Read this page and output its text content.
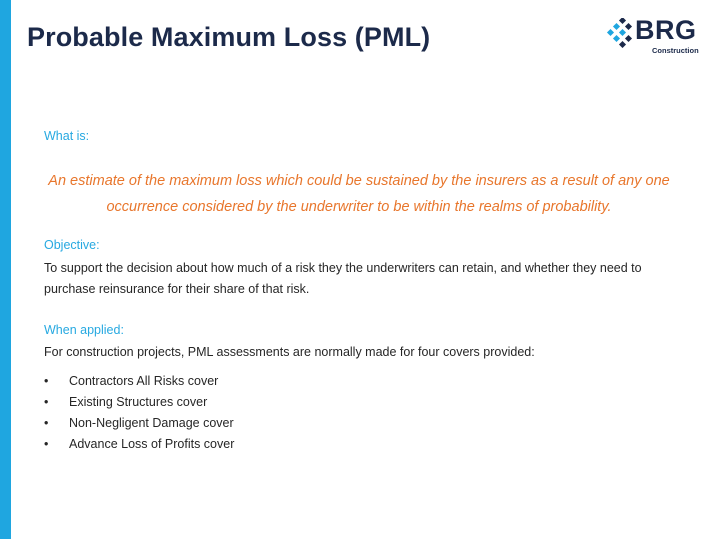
Probable Maximum Loss (PML)	BRG
Construction

What is:

An estimate of the maximum loss which could be sustained by the insurers as a result of any one occurrence considered by the underwriter to be within the realms of probability.

Objective:

To support the decision about how much of a risk they the underwriters can retain, and whether they need to purchase reinsurance for their share of that risk.

When applied:

For construction projects, PML assessments are normally made for four covers provided:

• Contractors All Risks cover
• Existing Structures cover
• Non-Negligent Damage cover
• Advance Loss of Profits cover
